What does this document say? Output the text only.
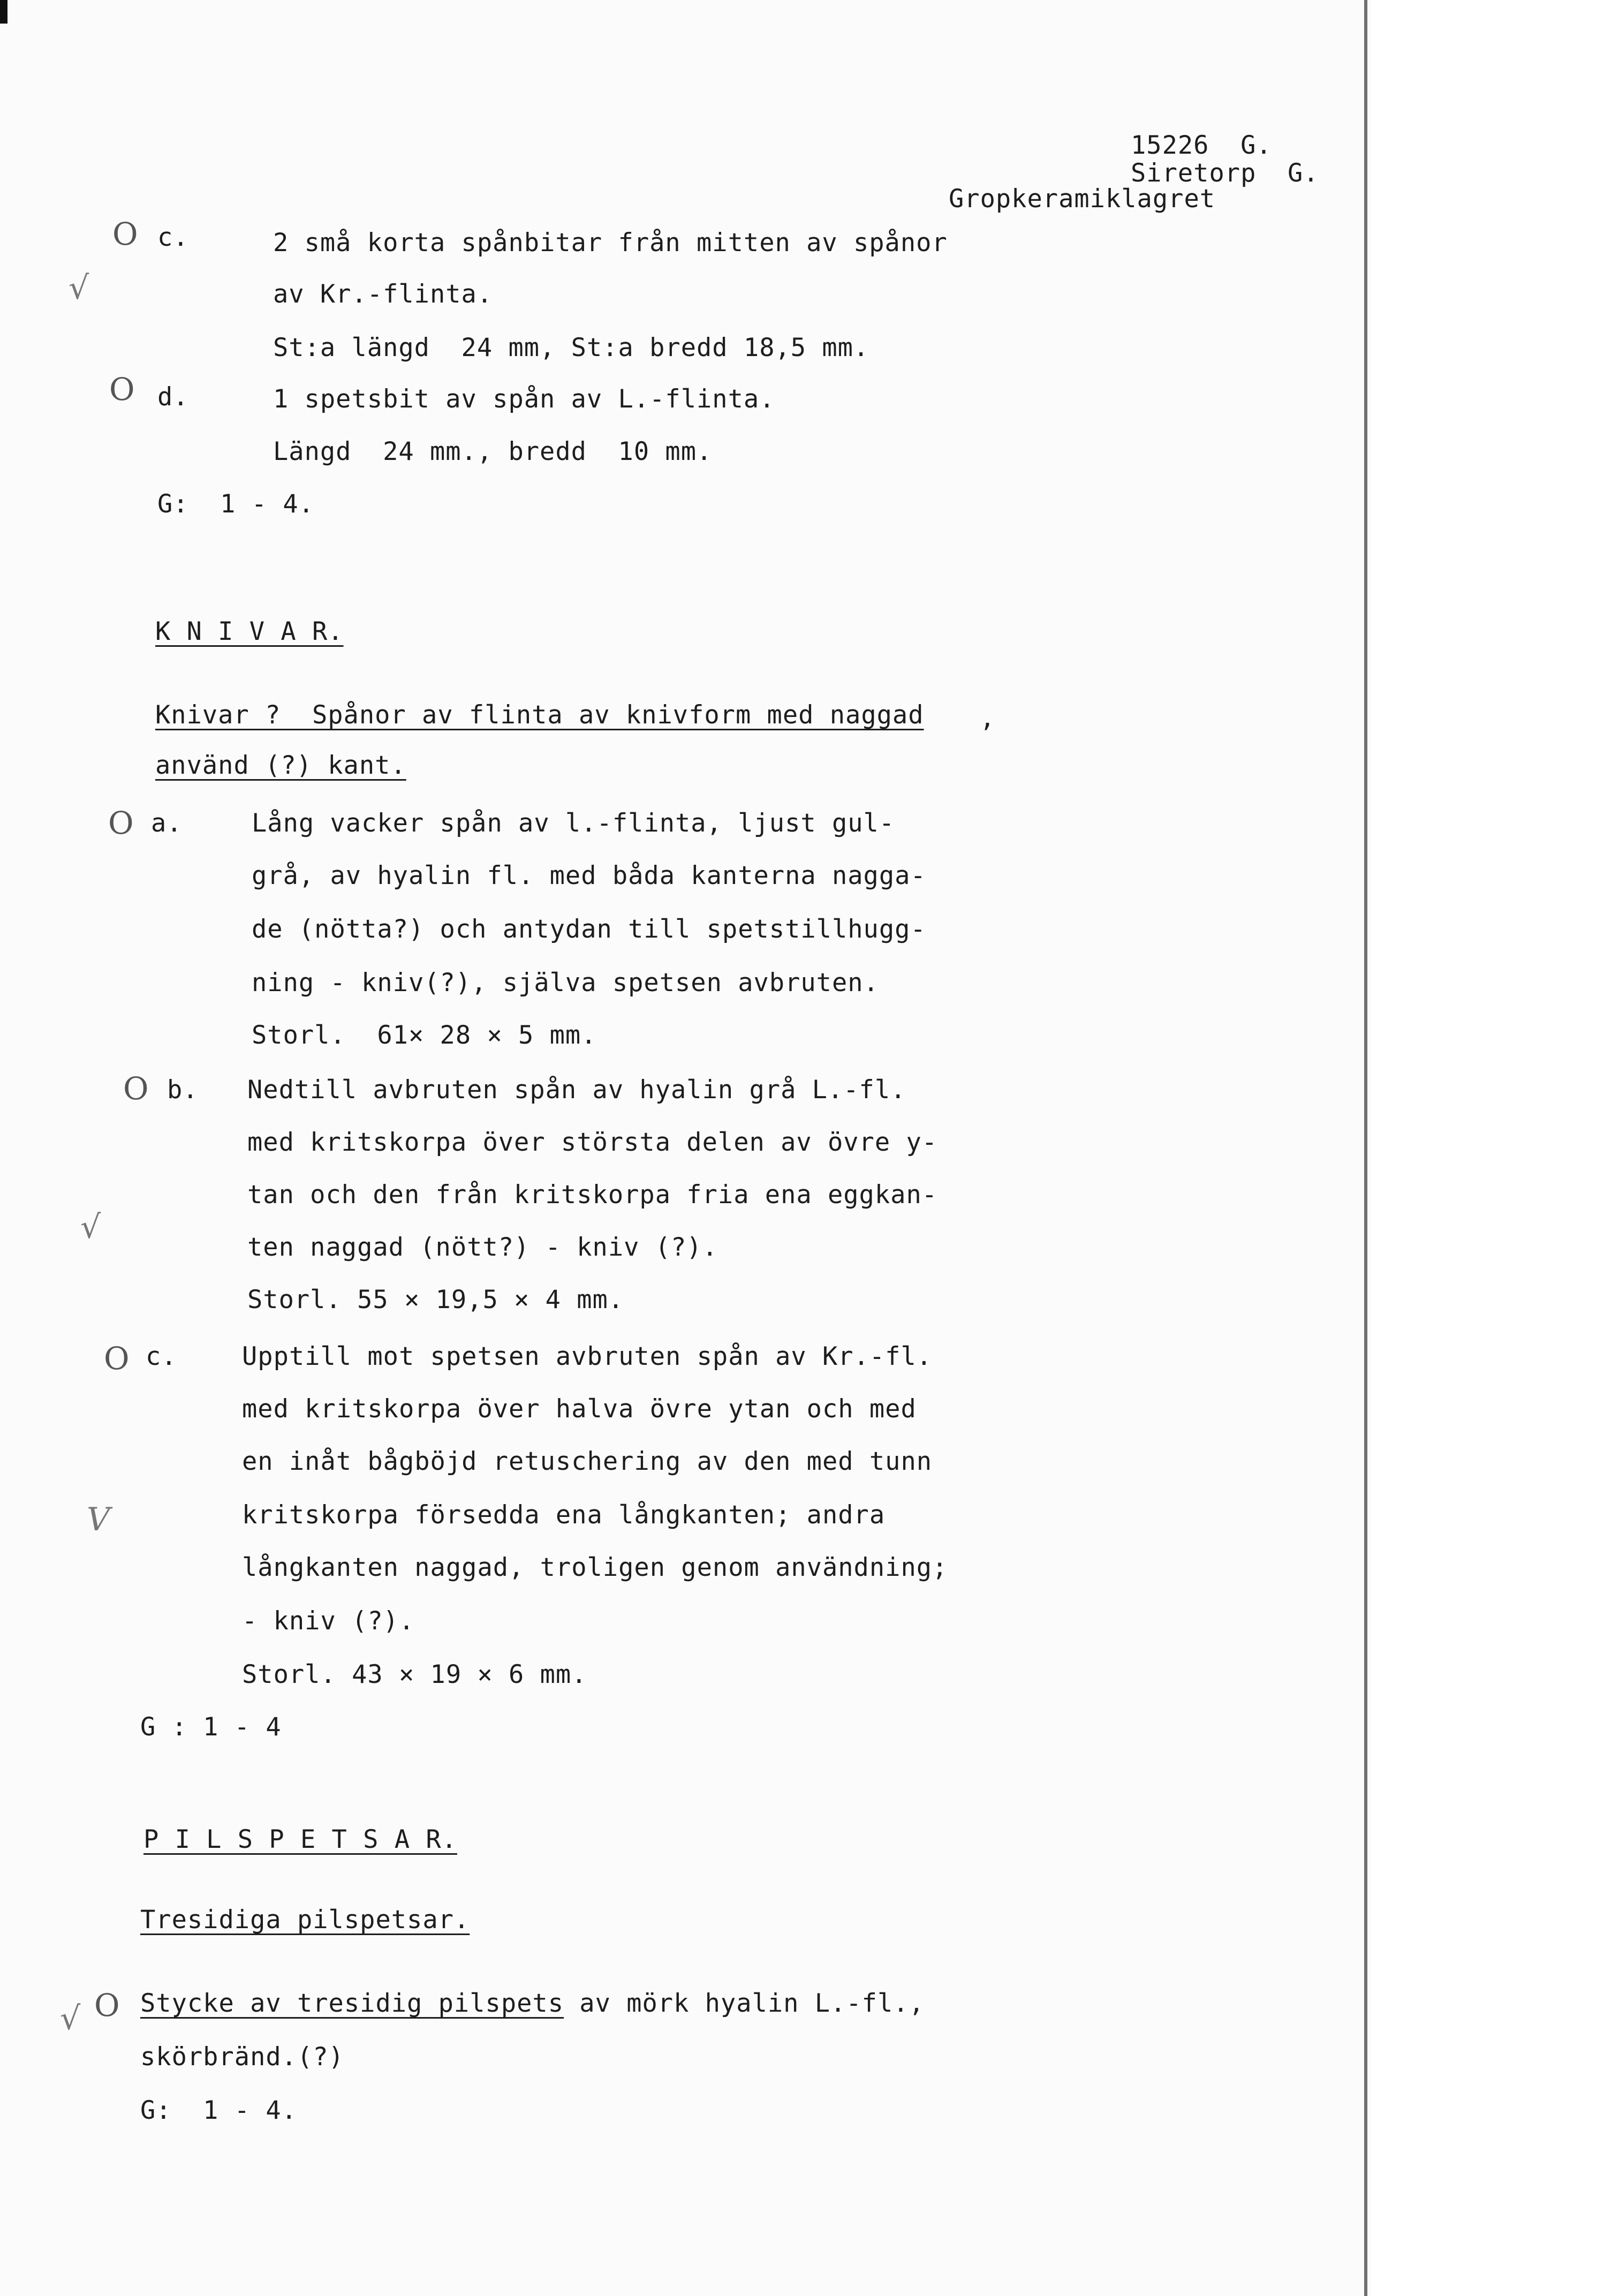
15226  G.

Siretorp  G.

Gropkeramiklagret

O c.	2 små korta spånbitar från mitten av spånor

√	av Kr.-flinta.

St:a längd  24 mm, St:a bredd 18,5 mm.

O d.	1 spetsbit av spån av L.-flinta.

Längd  24 mm., bredd  10 mm.

G:  1 - 4.

K N I V A R.

Knivar ?  Spånor av flinta av knivform med naggad ,

använd (?) kant.

O a.	Lång vacker spån av l.-flinta, ljust gul-

grå, av hyalin fl. med båda kanterna nagga-

de (nötta?) och antydan till spetstillhugg-

ning - kniv(?), själva spetsen avbruten.

Storl.  61× 28 × 5 mm.

O b. Nedtill avbruten spån av hyalin grå L.-fl.

med kritskorpa över största delen av övre y-

√

tan och den från kritskorpa fria ena eggkan-

ten naggad (nött?) - kniv (?).

Storl. 55 × 19,5 × 4 mm.

O c.	Upptill mot spetsen avbruten spån av Kr.-fl.

med kritskorpa över halva övre ytan och med

en inåt bågböjd retuschering av den med tunn

V	kritskorpa försedda ena långkanten; andra

långkanten naggad, troligen genom användning;

- kniv (?).

Storl. 43 × 19 × 6 mm.

G : 1 - 4

P I L S P E T S A R.

Tresidiga pilspetsar.

√ O Stycke av tresidig pilspets av mörk hyalin L.-fl.,

skörbränd.(?)

G:  1 - 4.
